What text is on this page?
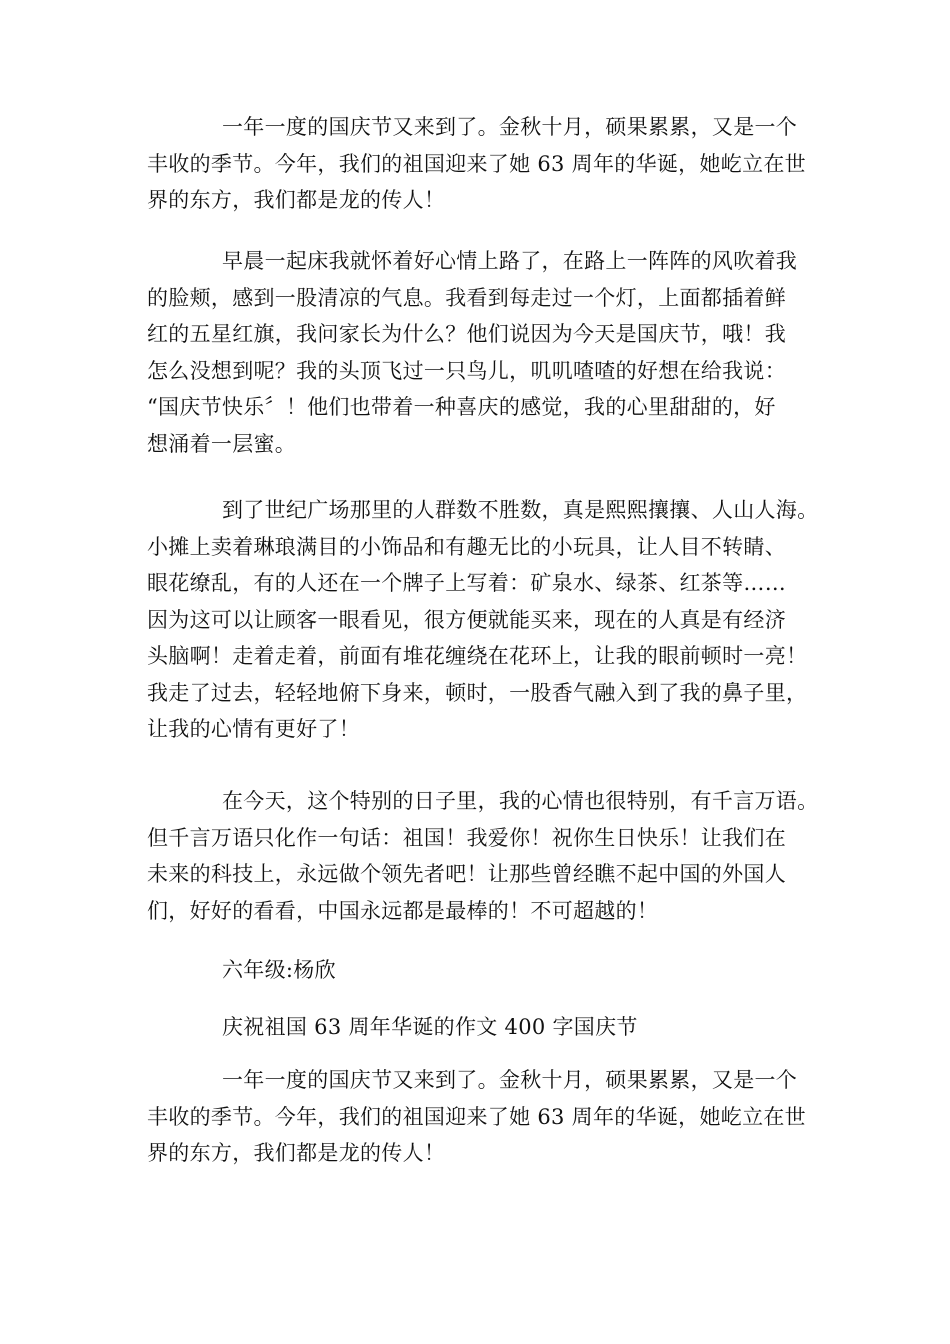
一年一度的国庆节又来到了。金秋十月，硕果累累，又是一个
丰收的季节。今年，我们的祖国迎来了她 63 周年的华诞，她屹立在世
界的东方，我们都是龙的传人！

早晨一起床我就怀着好心情上路了，在路上一阵阵的风吹着我
的脸颊，感到一股清凉的气息。我看到每走过一个灯，上面都插着鲜
红的五星红旗，我问家长为什么？他们说因为今天是国庆节，哦！我
怎么没想到呢？我的头顶飞过一只鸟儿，叽叽喳喳的好想在给我说：
“国庆节快乐〞！他们也带着一种喜庆的感觉，我的心里甜甜的，好
想涌着一层蜜。

到了世纪广场那里的人群数不胜数，真是熙熙攘攘、人山人海。
小摊上卖着琳琅满目的小饰品和有趣无比的小玩具，让人目不转睛、
眼花缭乱，有的人还在一个牌子上写着：矿泉水、绿茶、红茶等……
因为这可以让顾客一眼看见，很方便就能买来，现在的人真是有经济
头脑啊！走着走着，前面有堆花缠绕在花环上，让我的眼前顿时一亮！
我走了过去，轻轻地俯下身来，顿时，一股香气融入到了我的鼻子里，
让我的心情有更好了！

在今天，这个特别的日子里，我的心情也很特别，有千言万语。
但千言万语只化作一句话：祖国！我爱你！祝你生日快乐！让我们在
未来的科技上，永远做个领先者吧！让那些曾经瞧不起中国的外国人
们，好好的看看，中国永远都是最棒的！不可超越的！

六年级:杨欣

庆祝祖国 63 周年华诞的作文 400 字国庆节

一年一度的国庆节又来到了。金秋十月，硕果累累，又是一个
丰收的季节。今年，我们的祖国迎来了她 63 周年的华诞，她屹立在世
界的东方，我们都是龙的传人！
